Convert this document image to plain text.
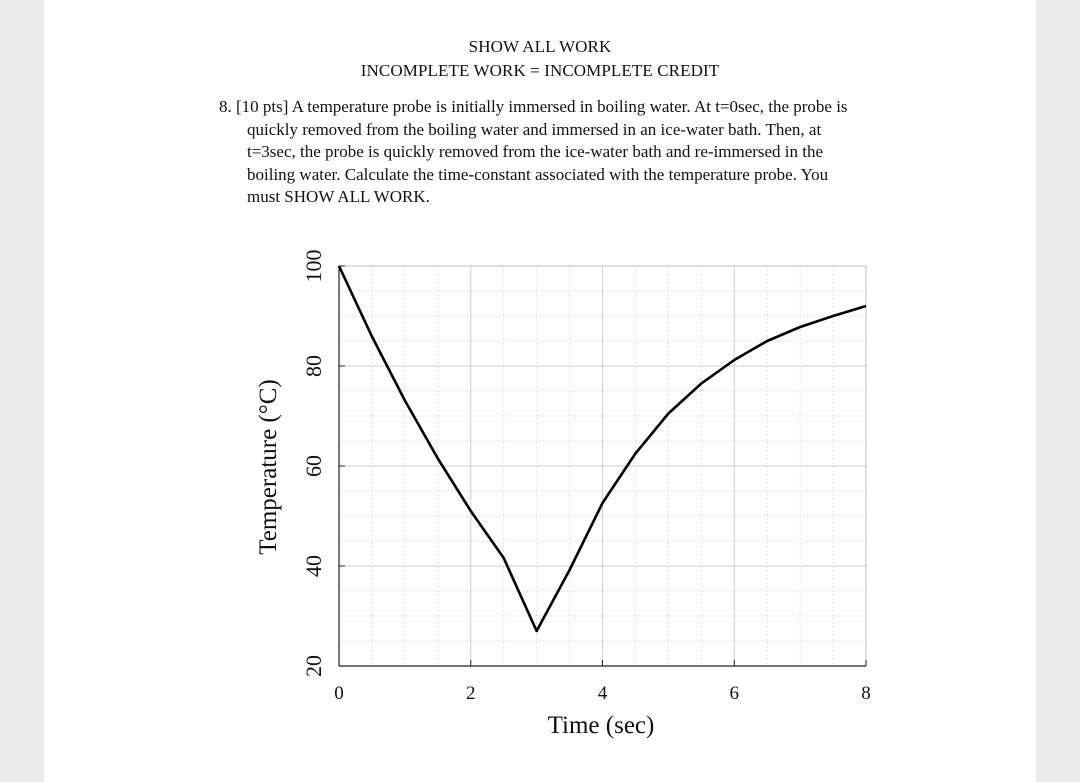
SHOW ALL WORK
INCOMPLETE WORK = INCOMPLETE CREDIT
8. [10 pts] A temperature probe is initially immersed in boiling water. At t=0sec, the probe is
quickly removed from the boiling water and immersed in an ice-water bath. Then, at
t=3sec, the probe is quickly removed from the ice-water bath and re-immersed in the
boiling water. Calculate the time-constant associated with the temperature probe. You
must SHOW ALL WORK.
20
40
60
80
100
0	2	4	6	8
Time (sec)
Temperature (°C)
